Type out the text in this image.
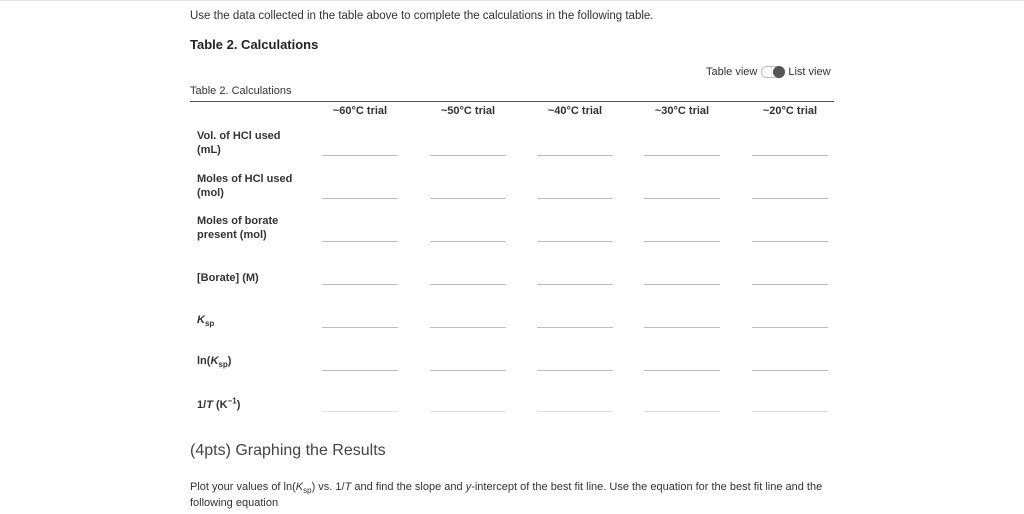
Use the data collected in the table above to complete the calculations in the following table.
Table 2. Calculations
Table view	List view
Table 2. Calculations
~60°C trial	~50°C trial	~40°C trial	~30°C trial	~20°C trial
Vol. of HCl used
(mL)
Moles of HCl used
(mol)
Moles of borate
present (mol)
[Borate] (M)
$K_{sp}$
$\ln(K_{sp})$
1/T $(K^{-1})$
(4pts) Graphing the Results
Plot your values of $\ln(K_{sp})$ vs. 1/T and find the slope and y-intercept of the best fit line. Use the equation for the best fit line and the following equation
